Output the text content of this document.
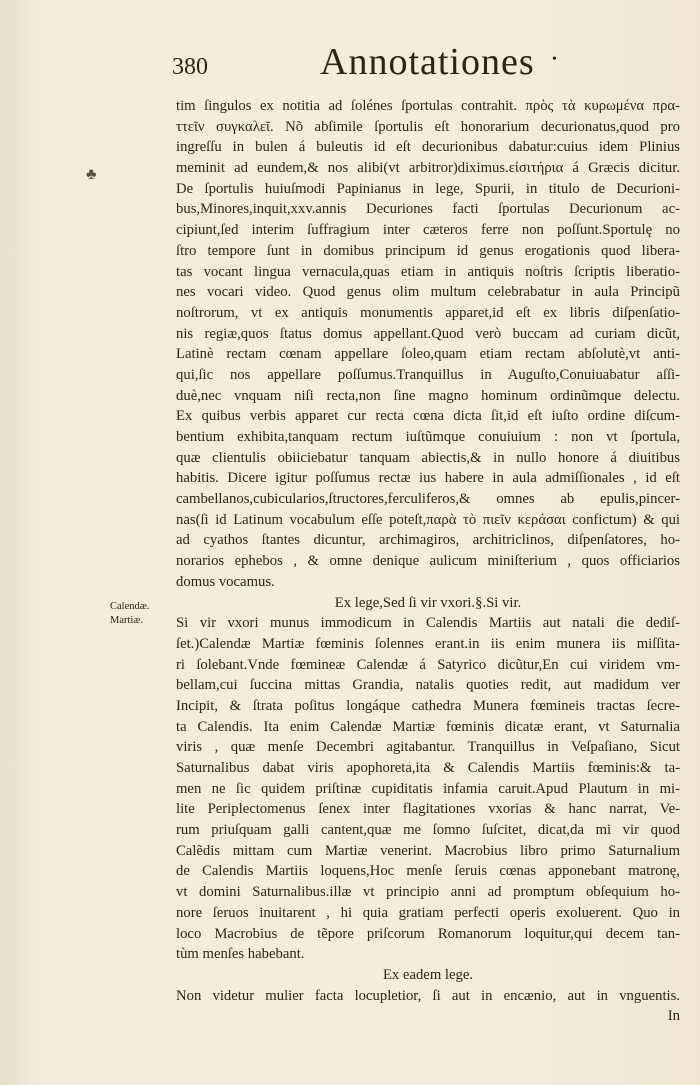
380	Annotationes •
♣
Calendæ.
Martiæ.
tim ſingulos ex notitia ad ſolénes ſportulas contrahit. πρὸς τὰ κυρωμένα πρα-
ττεῖν συγκαλεῖ. Nõ abſimile ſportulis eſt honorarium decurionatus,quod pro
ingreſſu in bulen á buleutis id eſt decurionibus dabatur:cuius idem Plinius
meminit ad eundem,& nos alibi(vt arbitror)diximus.εἰσιτήρια á Græcis dicitur.
De ſportulis huiuſmodi Papinianus in lege, Spurii, in titulo de Decurioni-
bus,Minores,inquit,xxv.annis Decuriones facti ſportulas Decurionum ac-
cipiunt,ſed interim ſuffragium inter cæteros ferre non poſſunt.Sportulę no
ſtro tempore ſunt in domibus principum id genus erogationis quod libera-
tas vocant lingua vernacula,quas etiam in antiquis noſtris ſcriptis liberatio-
nes vocari video. Quod genus olim multum celebrabatur in aula Principũ
noſtrorum, vt ex antiquis monumentis apparet,id eſt ex libris diſpenſatio-
nis regiæ,quos ſtatus domus appellant.Quod verò buccam ad curiam dicũt,
Latinè rectam cœnam appellare ſoleo,quam etiam rectam abſolutè,vt anti-
qui,ſic nos appellare poſſumus.Tranquillus in Auguſto,Conuiuabatur aſſi-
duè,nec vnquam niſi recta,non ſine magno hominum ordinũmque delectu.
Ex quibus verbis apparet cur recta cœna dicta ſit,id eſt iuſto ordine diſcum-
bentium exhibita,tanquam rectum iuſtũmque conuiuium : non vt ſportula,
quæ clientulis obiiciebatur tanquam abiectis,& in nullo honore á diuitibus
habitis. Dicere igitur poſſumus rectæ ius habere in aula admiſſionales , id eſt
cambellanos,cubicularios,ſtructores,ferculiferos,& omnes ab epulis,pincer-
nas(ſi id Latinum vocabulum eſſe poteſt,παρὰ τὸ πιεῖν κεράσαι confictum) & qui
ad cyathos ſtantes dicuntur, archimagiros, architriclinos, diſpenſatores, ho-
norarios ephebos , & omne denique aulicum miniſterium , quos officiarios
domus vocamus.
Ex lege,Sed ſi vir vxori.§.Si vir.
Si vir vxori munus immodicum in Calendis Martiis aut natali die dediſ-
ſet.)Calendæ Martiæ fœminis ſolennes erant.in iis enim munera iis miſſita-
ri ſolebant.Vnde fœmineæ Calendæ á Satyrico dicũtur,En cui viridem vm-
bellam,cui ſuccina mittas Grandia, natalis quoties redit, aut madidum ver
Incipit, & ſtrata poſitus longáque cathedra Munera fœmineis tractas ſecre-
ta Calendis. Ita enim Calendæ Martiæ fœminis dicatæ erant, vt Saturnalia
viris , quæ menſe Decembri agitabantur. Tranquillus in Veſpaſiano, Sicut
Saturnalibus dabat viris apophoreta,ita & Calendis Martiis fœminis:& ta-
men ne ſic quidem priſtinæ cupiditatis infamia caruit.Apud Plautum in mi-
lite Periplectomenus ſenex inter flagitationes vxorias & hanc narrat, Ve-
rum priuſquam galli cantent,quæ me ſomno ſuſcitet, dicat,da mi vir quod
Calẽdis mittam cum Martiæ venerint. Macrobius libro primo Saturnalium
de Calendis Martiis loquens,Hoc menſe ſeruis cœnas apponebant matronę,
vt domini Saturnalibus.illæ vt principio anni ad promptum obſequium ho-
nore ſeruos inuitarent , hi quia gratiam perfecti operis exoluerent. Quo in
loco Macrobius de tẽpore priſcorum Romanorum loquitur,qui decem tan-
tùm menſes habebant.
Ex eadem lege.
Non videtur mulier facta locupletior, ſi aut in encænio, aut in vnguentis.
In
